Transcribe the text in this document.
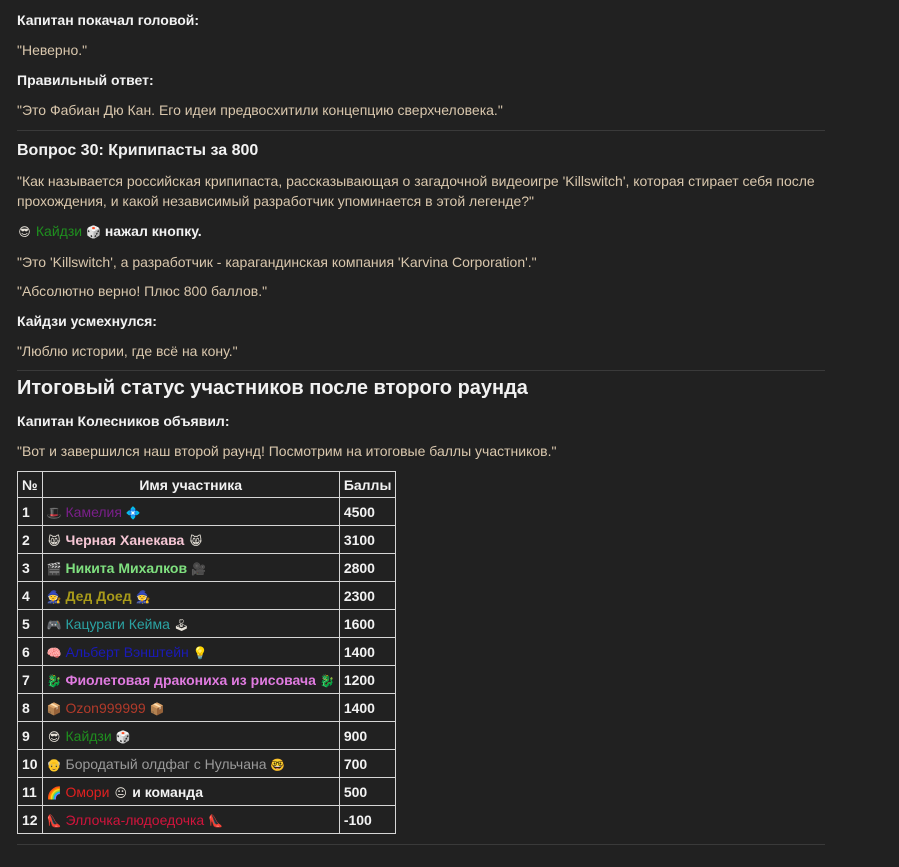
Капитан покачал головой:

"Неверно."

Правильный ответ:

"Это Фабиан Дю Кан. Его идеи предвосхитили концепцию сверхчеловека."

Вопрос 30: Крипипасты за 800

"Как называется российская крипипаста, рассказывающая о загадочной видеоигре 'Killswitch', которая стирает себя после прохождения, и какой независимый разработчик упоминается в этой легенде?"

😎 Кайдзи 🎲 нажал кнопку.

"Это 'Killswitch', а разработчик - карагандинская компания 'Karvina Corporation'."

"Абсолютно верно! Плюс 800 баллов."

Кайдзи усмехнулся:

"Люблю истории, где всё на кону."

Итоговый статус участников после второго раунда

Капитан Колесников объявил:

"Вот и завершился наш второй раунд! Посмотрим на итоговые баллы участников."

№	Имя участника	Баллы
1	🎩 Камелия 💠	4500
2	😸 Черная Ханекава 😸	3100
3	🎬 Никита Михалков 🎥	2800
4	🧙 Дед Доед 🧙	2300
5	🎮 Кацураги Кейма 🕹	1600
6	🧠 Альберт Вэнштейн 💡	1400
7	🐉 Фиолетовая дракониха из рисовача 🐉	1200
8	📦 Ozon999999 📦	1400
9	😎 Кайдзи 🎲	900
10	👴 Бородатый олдфаг с Нульчана 🤓	700
11	🌈 Омори 😐 и команда	500
12	👠 Эллочка-людоедочка 👠	-100
